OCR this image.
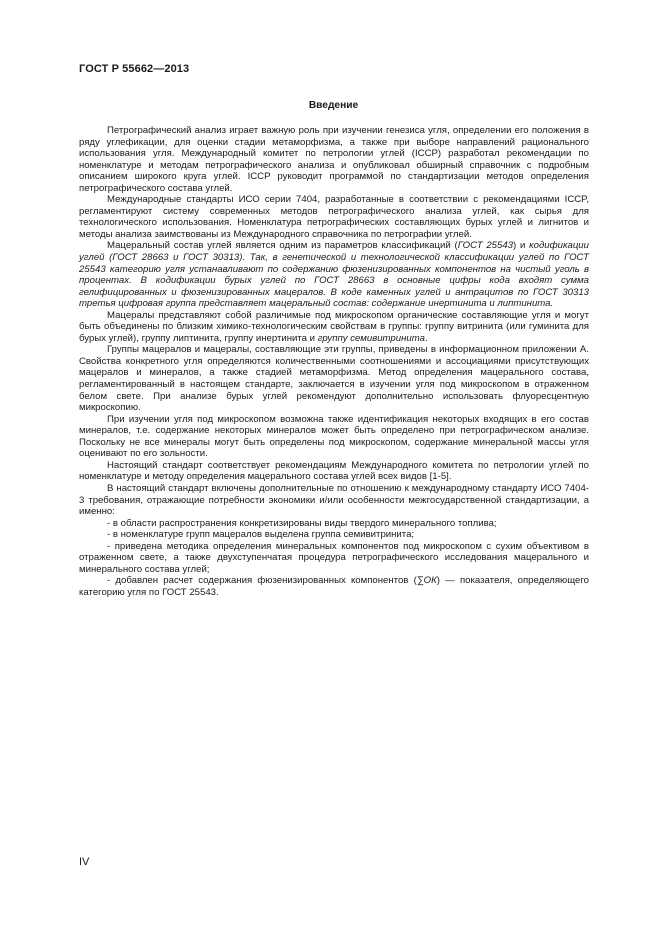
ГОСТ Р 55662—2013
Введение

Петрографический анализ играет важную роль при изучении генезиса угля, определении его положения в ряду углефикации, для оценки стадии метаморфизма, а также при выборе направлений рационального использования угля. Международный комитет по петрологии углей (ICCP) разработал рекомендации по номенклатуре и методам петрографического анализа и опубликовал обширный справочник с подробным описанием широкого круга углей. ICCP руководит программой по стандартизации методов определения петрографического состава углей.

Международные стандарты ИСО серии 7404, разработанные в соответствии с рекомендациями ICCP, регламентируют систему современных методов петрографического анализа углей, как сырья для технологического использования. Номенклатура петрографических составляющих бурых углей и лигнитов и методы анализа заимствованы из Международного справочника по петрографии углей.

Мацеральный состав углей является одним из параметров классификаций (ГОСТ 25543) и кодификации углей (ГОСТ 28663 и ГОСТ 30313). Так, в генетической и технологической классификации углей по ГОСТ 25543 категорию угля устанавливают по содержанию фюзенизированных компонентов на чистый уголь в процентах. В кодификации бурых углей по ГОСТ 28663 в основные цифры кода входят сумма гелифицированных и фюзенизированных мацералов. В коде каменных углей и антрацитов по ГОСТ 30313 третья цифровая группа представляет мацеральный состав: содержание инертинита и липтинита.

Мацералы представляют собой различимые под микроскопом органические составляющие угля и могут быть объединены по близким химико-технологическим свойствам в группы: группу витринита (или гуминита для бурых углей), группу липтинита, группу инертинита и группу семивитринита.

Группы мацералов и мацералы, составляющие эти группы, приведены в информационном приложении А. Свойства конкретного угля определяются количественными соотношениями и ассоциациями присутствующих мацералов и минералов, а также стадией метаморфизма. Метод определения мацерального состава, регламентированный в настоящем стандарте, заключается в изучении угля под микроскопом в отраженном белом свете. При анализе бурых углей рекомендуют дополнительно использовать флуоресцентную микроскопию.

При изучении угля под микроскопом возможна также идентификация некоторых входящих в его состав минералов, т.е. содержание некоторых минералов может быть определено при петрографическом анализе. Поскольку не все минералы могут быть определены под микроскопом, содержание минеральной массы угля оценивают по его зольности.

Настоящий стандарт соответствует рекомендациям Международного комитета по петрологии углей по номенклатуре и методу определения мацерального состава углей всех видов [1-5].

В настоящий стандарт включены дополнительные по отношению к международному стандарту ИСО 7404-3 требования, отражающие потребности экономики и/или особенности межгосударственной стандартизации, а именно:

- в области распространения конкретизированы виды твердого минерального топлива;

- в номенклатуре групп мацералов выделена группа семивитринита;

- приведена методика определения минеральных компонентов под микроскопом с сухим объективом в отраженном свете, а также двухступенчатая процедура петрографического исследования мацерального и минерального состава углей;

- добавлен расчет содержания фюзенизированных компонентов (∑ОК) — показателя, определяющего категорию угля по ГОСТ 25543.

IV
